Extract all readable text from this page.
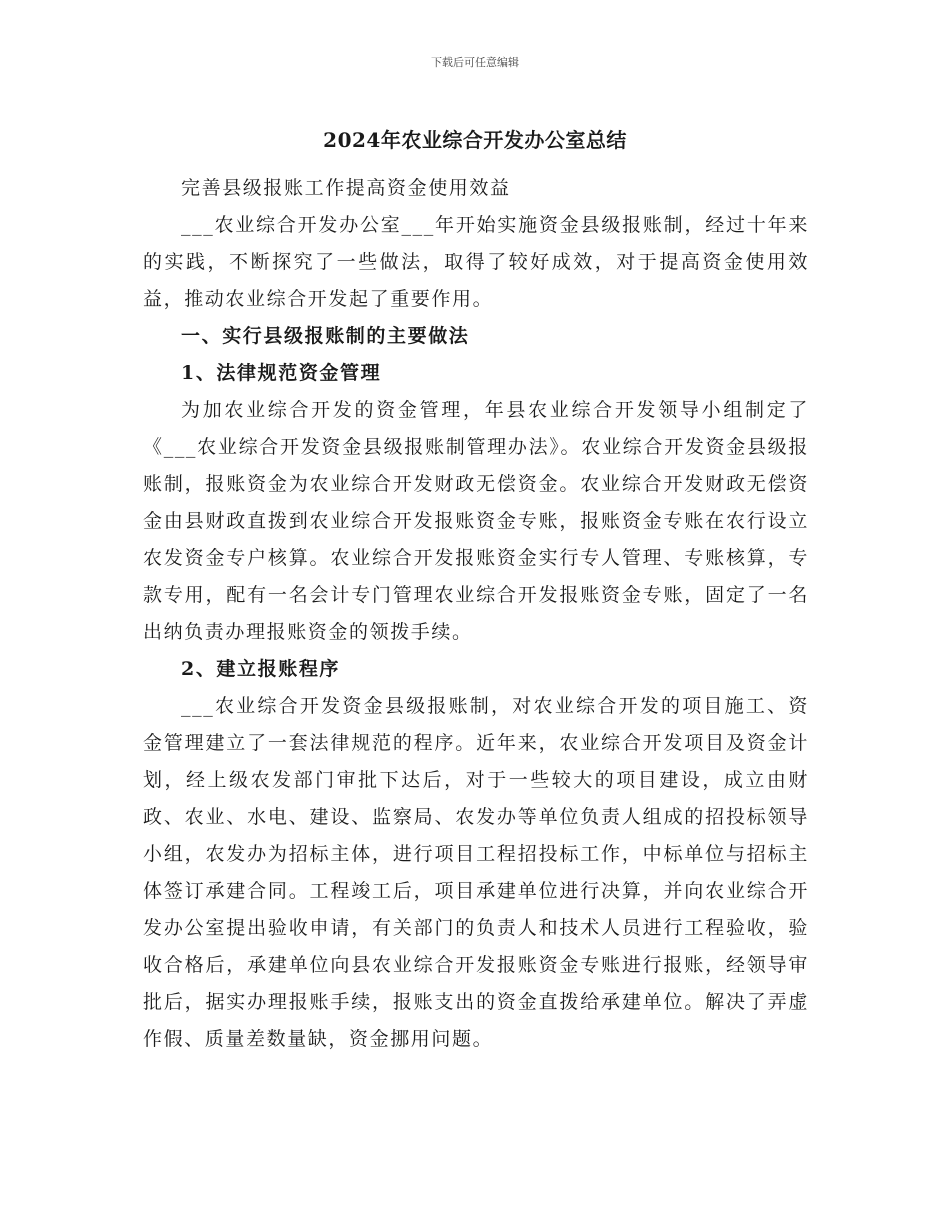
下载后可任意编辑
2024年农业综合开发办公室总结

完善县级报账工作提高资金使用效益

___农业综合开发办公室___年开始实施资金县级报账制，经过十年来的实践，不断探究了一些做法，取得了较好成效，对于提高资金使用效益，推动农业综合开发起了重要作用。

一、实行县级报账制的主要做法

1、法律规范资金管理

为加农业综合开发的资金管理，年县农业综合开发领导小组制定了《___农业综合开发资金县级报账制管理办法》。农业综合开发资金县级报账制，报账资金为农业综合开发财政无偿资金。农业综合开发财政无偿资金由县财政直拨到农业综合开发报账资金专账，报账资金专账在农行设立农发资金专户核算。农业综合开发报账资金实行专人管理、专账核算，专款专用，配有一名会计专门管理农业综合开发报账资金专账，固定了一名出纳负责办理报账资金的领拨手续。

2、建立报账程序

___农业综合开发资金县级报账制，对农业综合开发的项目施工、资金管理建立了一套法律规范的程序。近年来，农业综合开发项目及资金计划，经上级农发部门审批下达后，对于一些较大的项目建设，成立由财政、农业、水电、建设、监察局、农发办等单位负责人组成的招投标领导小组，农发办为招标主体，进行项目工程招投标工作，中标单位与招标主体签订承建合同。工程竣工后，项目承建单位进行决算，并向农业综合开发办公室提出验收申请，有关部门的负责人和技术人员进行工程验收，验收合格后，承建单位向县农业综合开发报账资金专账进行报账，经领导审批后，据实办理报账手续，报账支出的资金直拨给承建单位。解决了弄虚作假、质量差数量缺，资金挪用问题。
